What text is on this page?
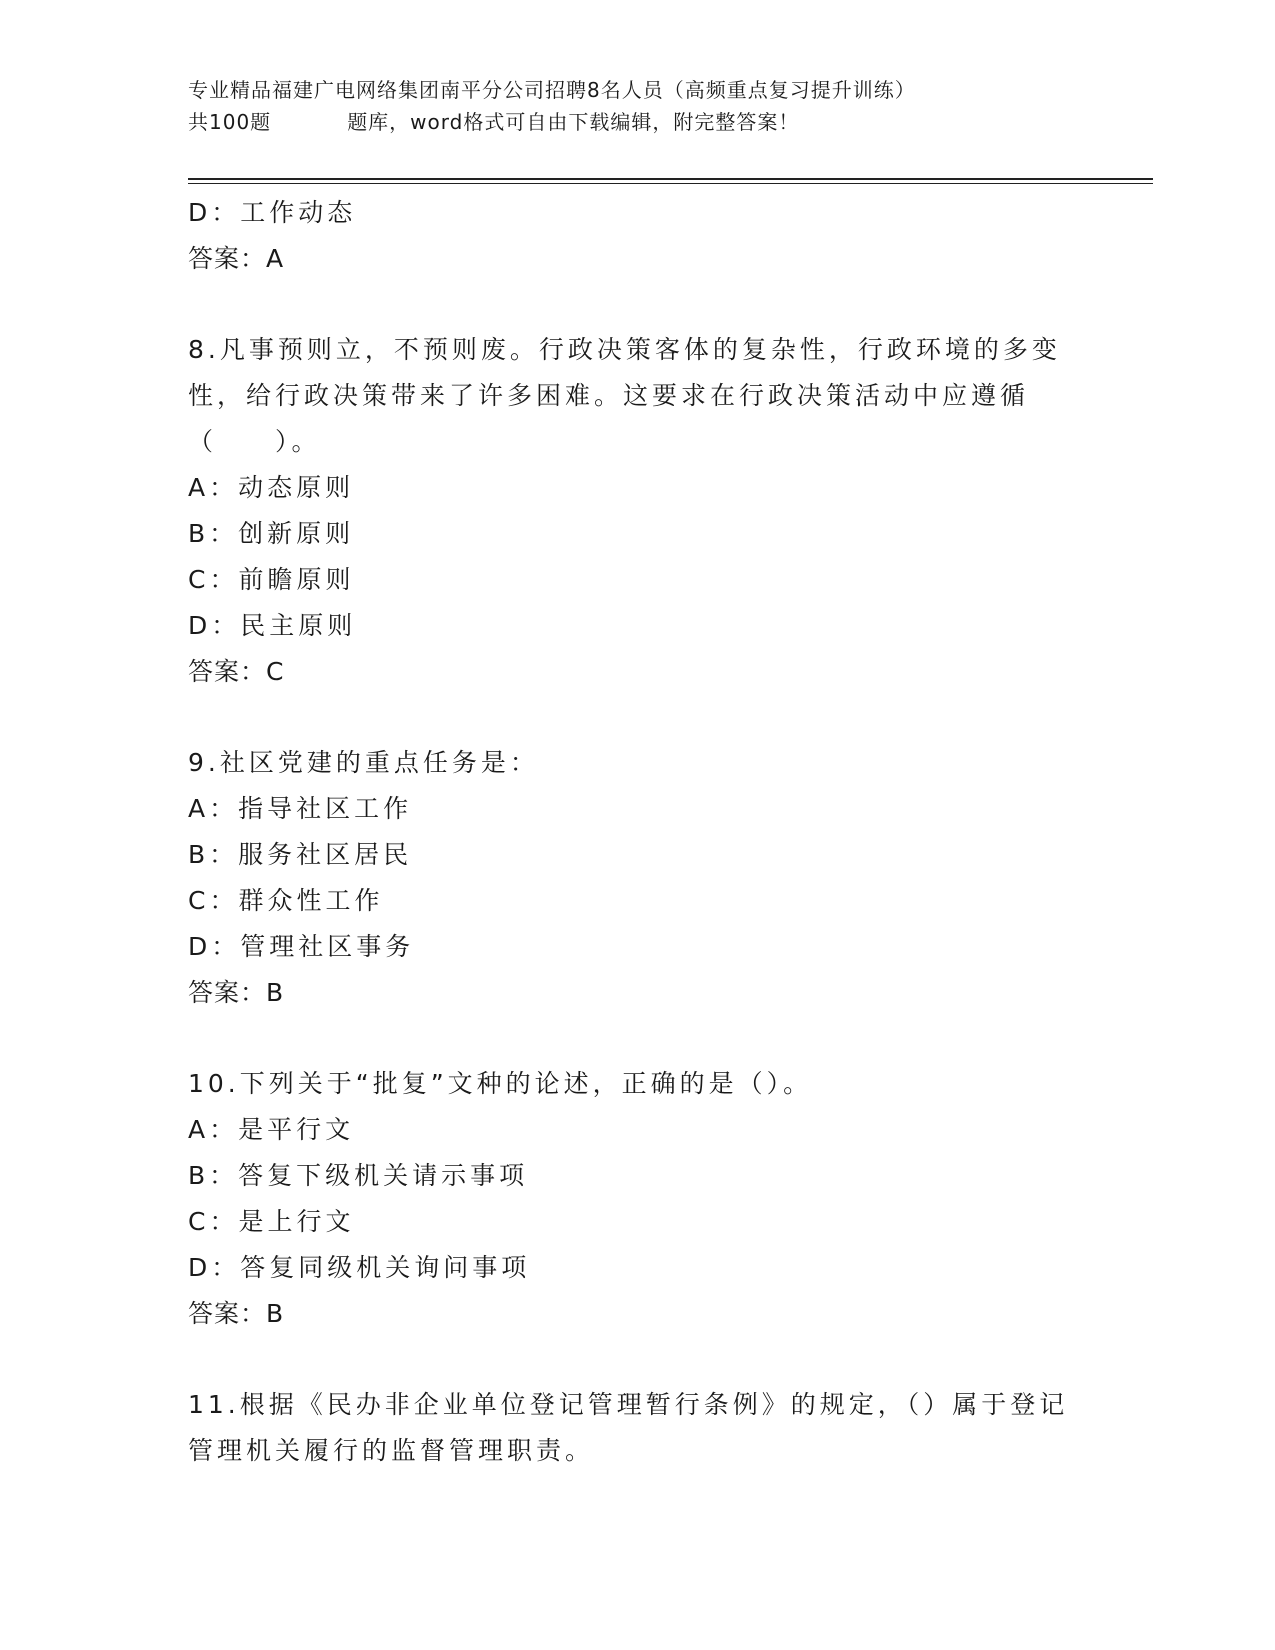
专业精品福建广电网络集团南平分公司招聘8名人员（高频重点复习提升训练）
共100题	题库，word格式可自由下载编辑，附完整答案！
D：工作动态
答案：A
8.凡事预则立，不预则废。行政决策客体的复杂性，行政环境的多变
性，给行政决策带来了许多困难。这要求在行政决策活动中应遵循
（　　）。
A：动态原则
B：创新原则
C：前瞻原则
D：民主原则
答案：C
9.社区党建的重点任务是：
A：指导社区工作
B：服务社区居民
C：群众性工作
D：管理社区事务
答案：B
10.下列关于“批复”文种的论述，正确的是（）。
A：是平行文
B：答复下级机关请示事项
C：是上行文
D：答复同级机关询问事项
答案：B
11.根据《民办非企业单位登记管理暂行条例》的规定，（）属于登记
管理机关履行的监督管理职责。
